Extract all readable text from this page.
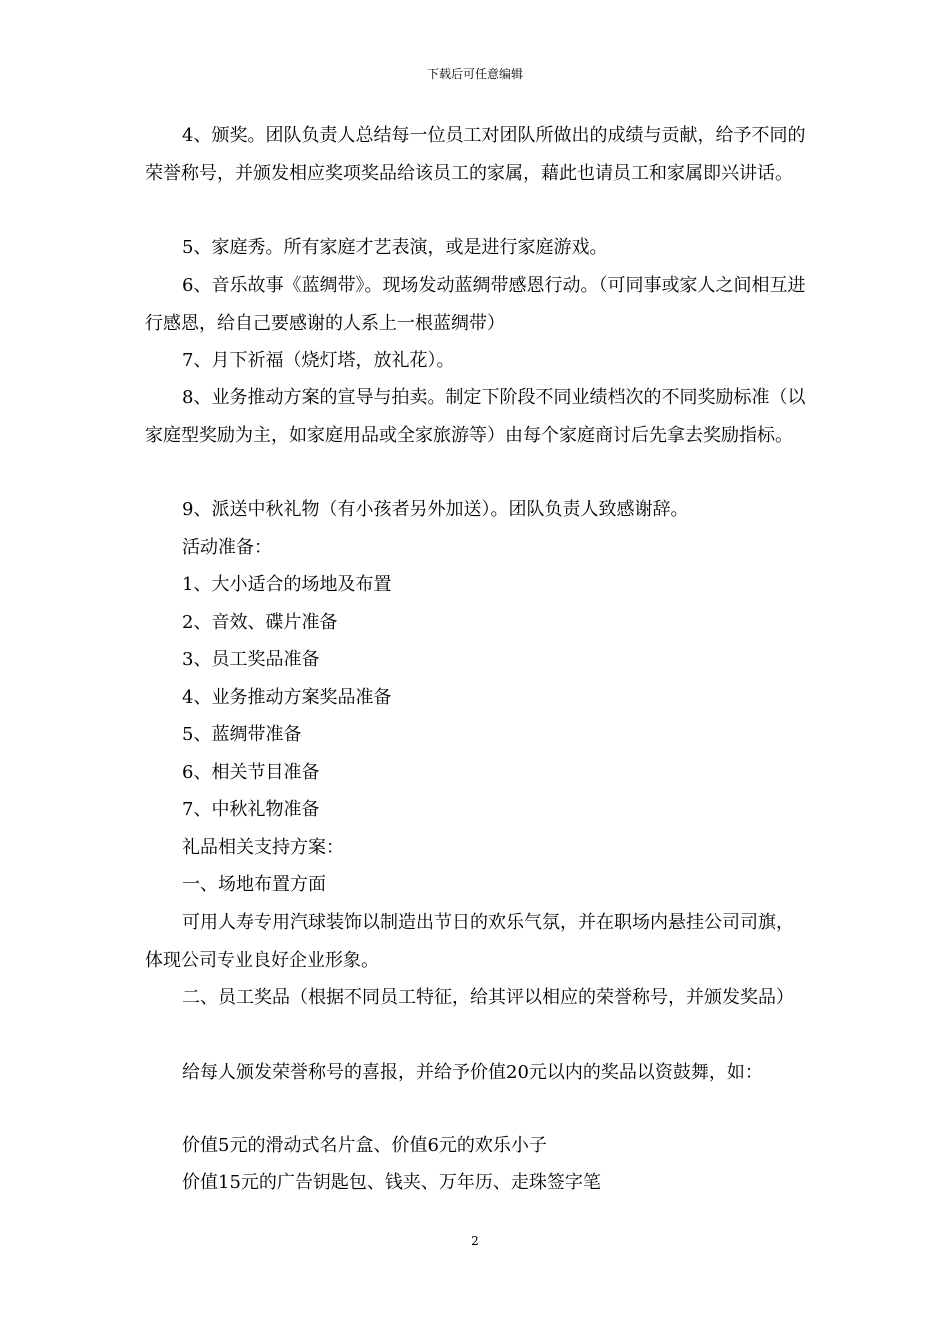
下载后可任意编辑

4、颁奖。团队负责人总结每一位员工对团队所做出的成绩与贡献，给予不同的荣誉称号，并颁发相应奖项奖品给该员工的家属，藉此也请员工和家属即兴讲话。

5、家庭秀。所有家庭才艺表演，或是进行家庭游戏。

6、音乐故事《蓝绸带》。现场发动蓝绸带感恩行动。（可同事或家人之间相互进行感恩，给自己要感谢的人系上一根蓝绸带）

7、月下祈福（烧灯塔，放礼花）。

8、业务推动方案的宣导与拍卖。制定下阶段不同业绩档次的不同奖励标准（以家庭型奖励为主，如家庭用品或全家旅游等）由每个家庭商讨后先拿去奖励指标。

9、派送中秋礼物（有小孩者另外加送）。团队负责人致感谢辞。

活动准备：

1、大小适合的场地及布置

2、音效、碟片准备

3、员工奖品准备

4、业务推动方案奖品准备

5、蓝绸带准备

6、相关节目准备

7、中秋礼物准备

礼品相关支持方案：

一、场地布置方面

可用人寿专用汽球装饰以制造出节日的欢乐气氛，并在职场内悬挂公司司旗，体现公司专业良好企业形象。

二、员工奖品（根据不同员工特征，给其评以相应的荣誉称号，并颁发奖品）

给每人颁发荣誉称号的喜报，并给予价值20元以内的奖品以资鼓舞，如：

价值5元的滑动式名片盒、价值6元的欢乐小子

价值15元的广告钥匙包、钱夹、万年历、走珠签字笔

2
